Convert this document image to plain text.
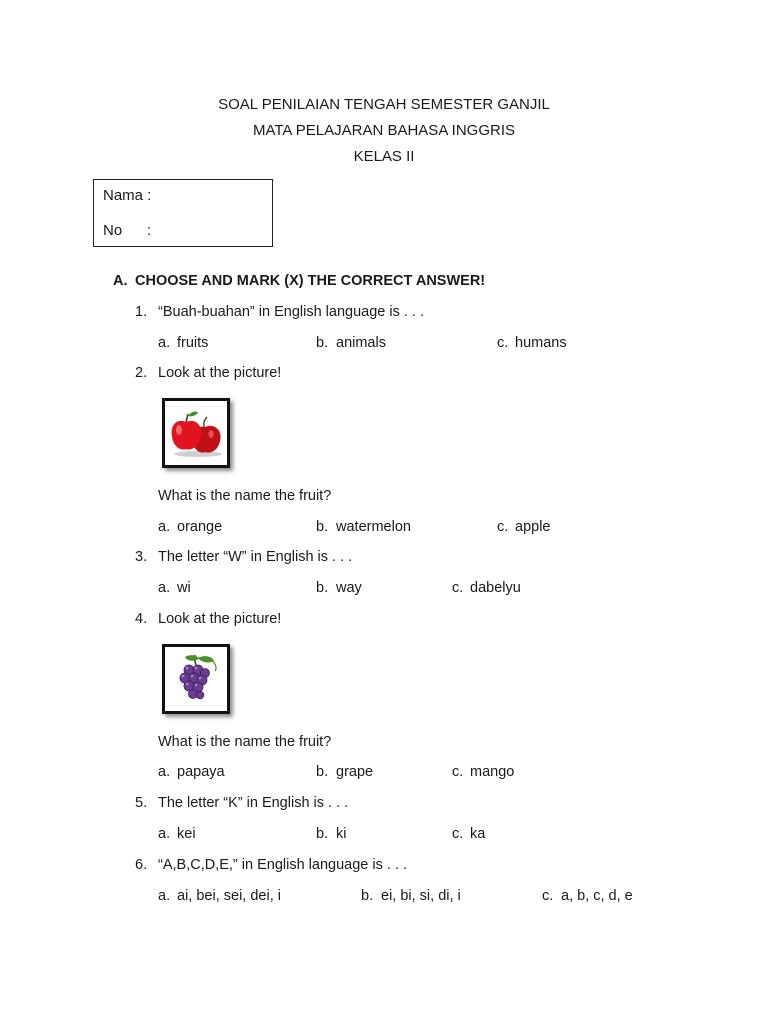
SOAL PENILAIAN TENGAH SEMESTER GANJIL
MATA PELAJARAN BAHASA INGGRIS
KELAS II
Nama :
No :
A. CHOOSE AND MARK (X) THE CORRECT ANSWER!
1. “Buah-buahan” in English language is . . .
a. fruits	b. animals	c. humans
2. Look at the picture!
What is the name the fruit?
a. orange	b. watermelon	c. apple
3. The letter “W” in English is . . .
a. wi	b. way	c. dabelyu
4. Look at the picture!
What is the name the fruit?
a. papaya	b. grape	c. mango
5. The letter “K” in English is . . .
a. kei	b. ki	c. ka
6. “A,B,C,D,E,” in English language is . . .
a. ai, bei, sei, dei, i	b. ei, bi, si, di, i	c. a, b, c, d, e
